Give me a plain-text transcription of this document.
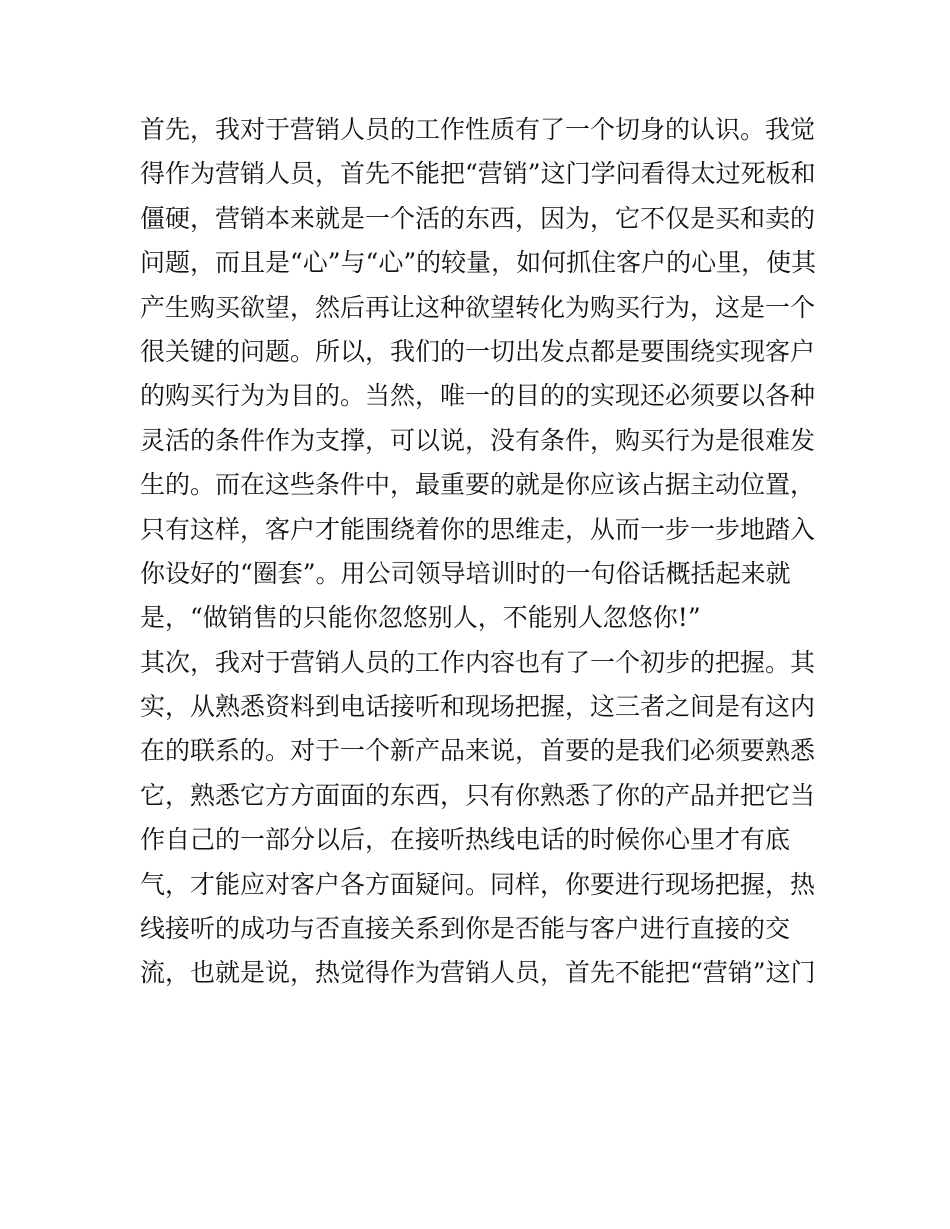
首先，我对于营销人员的工作性质有了一个切身的认识。我觉

得作为营销人员，首先不能把“营销”这门学问看得太过死板和

僵硬，营销本来就是一个活的东西，因为，它不仅是买和卖的

问题，而且是“心”与“心”的较量，如何抓住客户的心里，使其

产生购买欲望，然后再让这种欲望转化为购买行为，这是一个

很关键的问题。所以，我们的一切出发点都是要围绕实现客户

的购买行为为目的。当然，唯一的目的的实现还必须要以各种

灵活的条件作为支撑，可以说，没有条件，购买行为是很难发

生的。而在这些条件中，最重要的就是你应该占据主动位置，

只有这样，客户才能围绕着你的思维走，从而一步一步地踏入

你设好的“圈套”。用公司领导培训时的一句俗话概括起来就

是，“做销售的只能你忽悠别人，不能别人忽悠你!”

其次，我对于营销人员的工作内容也有了一个初步的把握。其

实，从熟悉资料到电话接听和现场把握，这三者之间是有这内

在的联系的。对于一个新产品来说，首要的是我们必须要熟悉

它，熟悉它方方面面的东西，只有你熟悉了你的产品并把它当

作自己的一部分以后，在接听热线电话的时候你心里才有底

气，才能应对客户各方面疑问。同样，你要进行现场把握，热

线接听的成功与否直接关系到你是否能与客户进行直接的交

流，也就是说，热觉得作为营销人员，首先不能把“营销”这门
